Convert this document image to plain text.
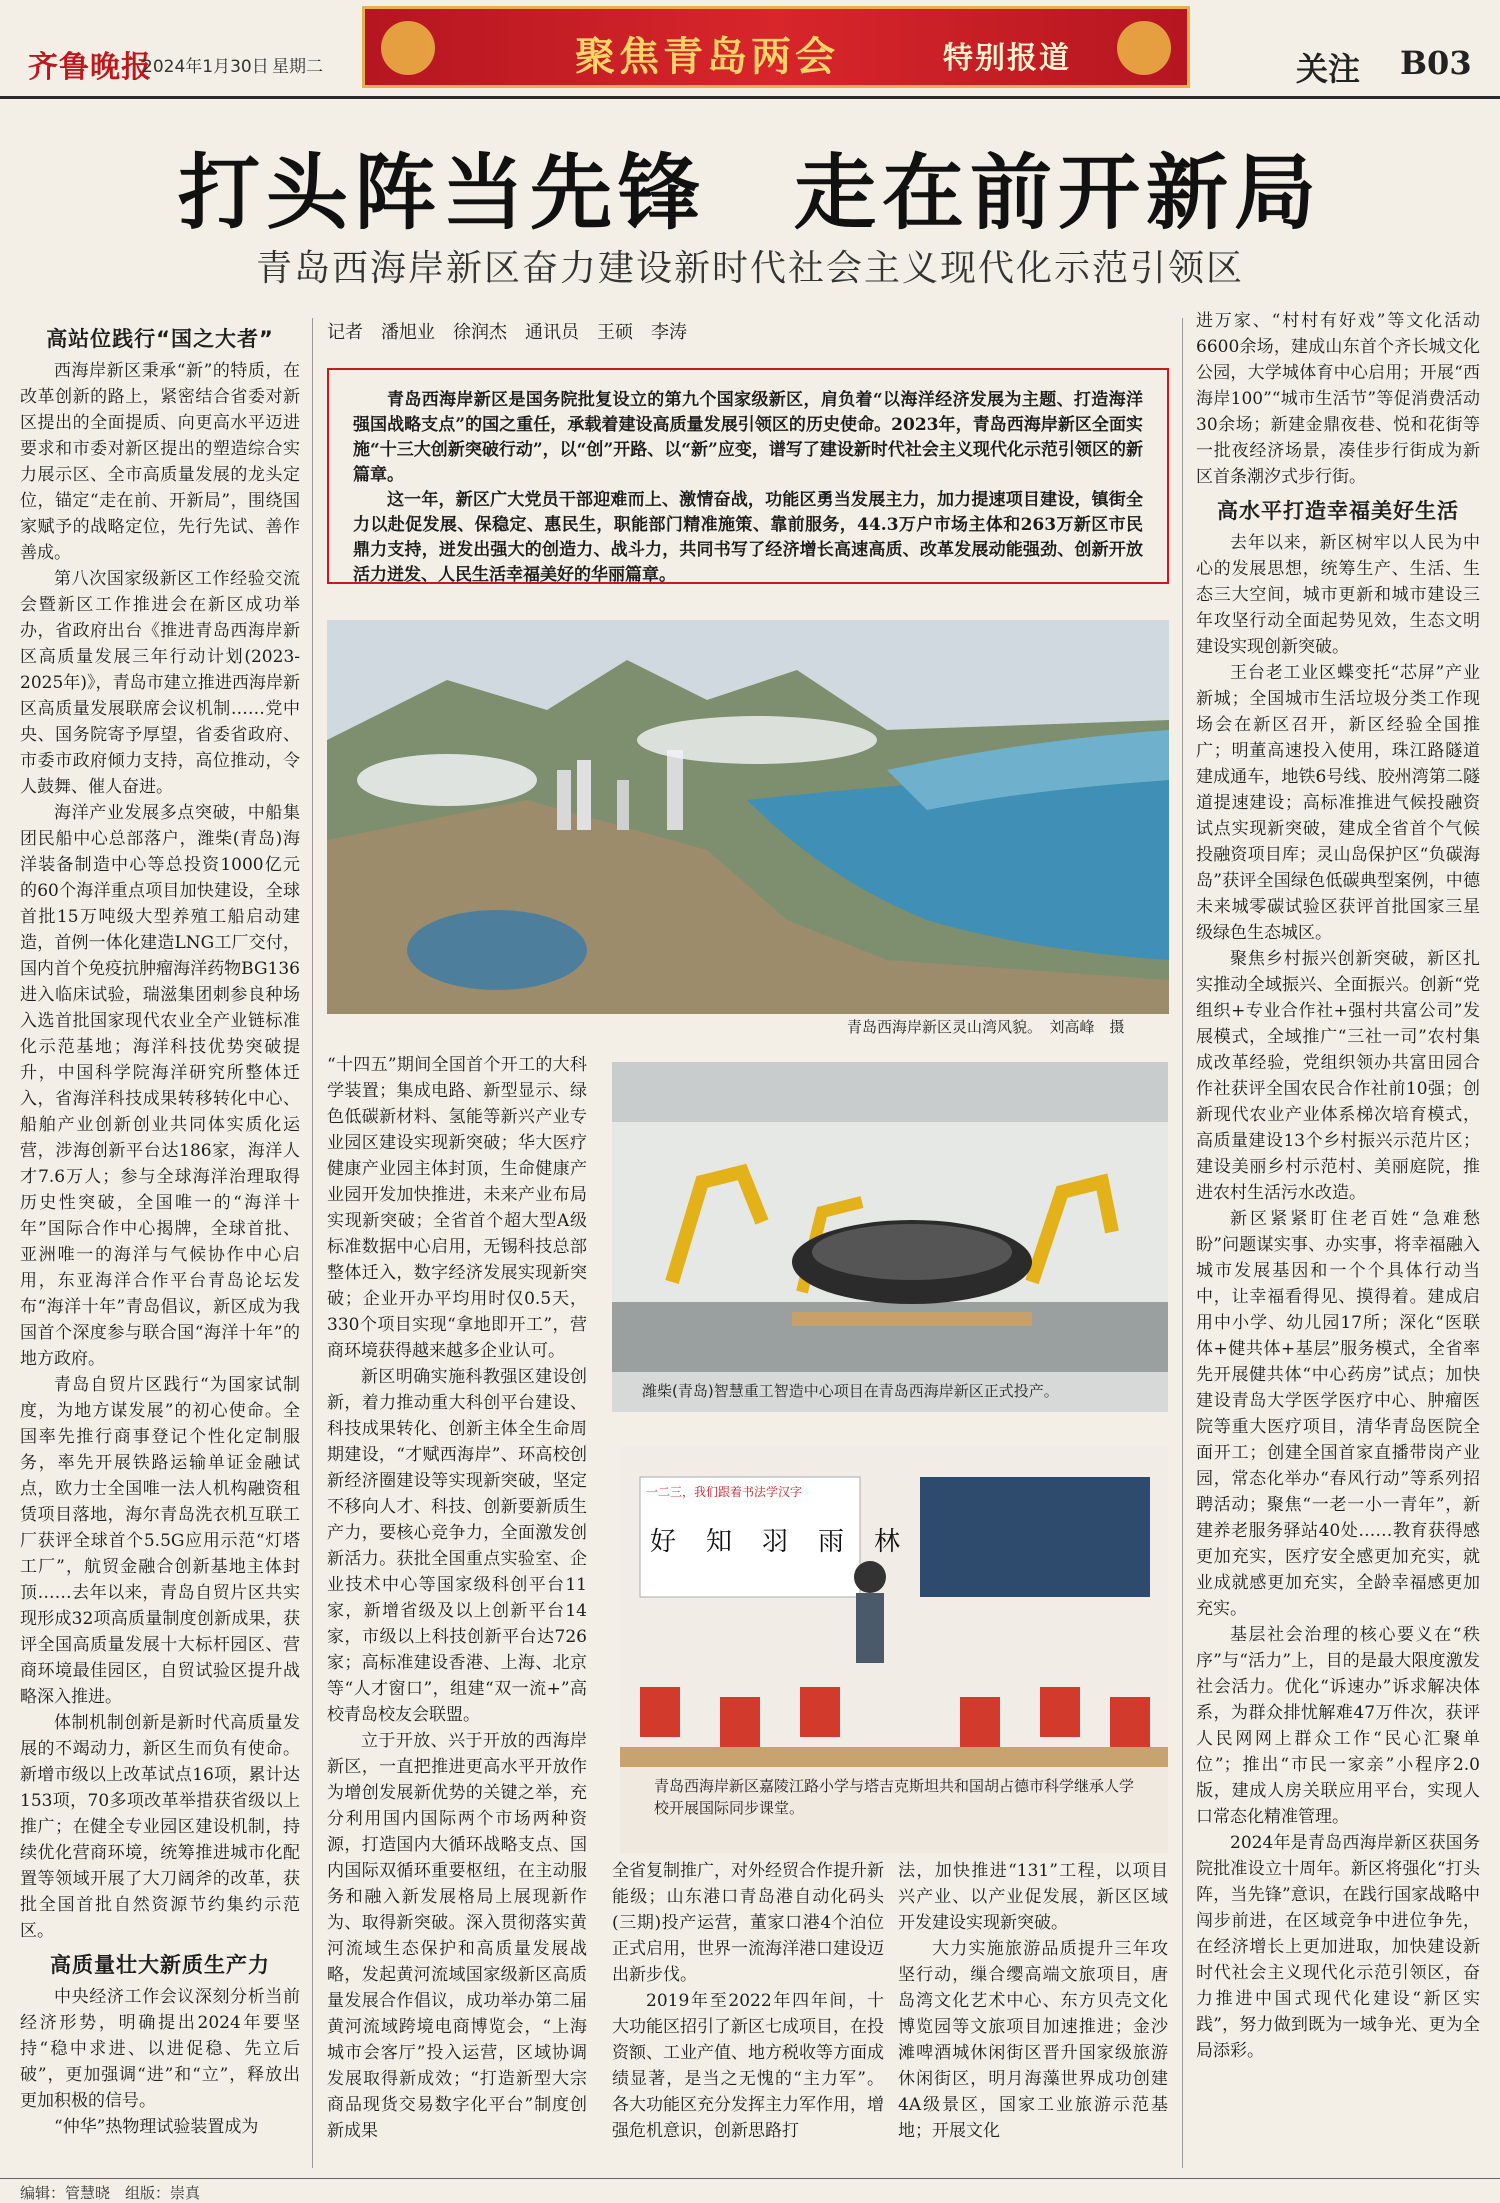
齐鲁晚报
2024年1月30日 星期二	聚焦青岛两会	特别报道	关注 B03
打头阵当先锋　走在前开新局
青岛西海岸新区奋力建设新时代社会主义现代化示范引领区
高站位践行“国之大者”

西海岸新区秉承“新”的特质，在改革创新的路上，紧密结合省委对新区提出的全面提质、向更高水平迈进要求和市委对新区提出的塑造综合实力展示区、全市高质量发展的龙头定位，锚定“走在前、开新局”，围绕国家赋予的战略定位，先行先试、善作善成。

第八次国家级新区工作经验交流会暨新区工作推进会在新区成功举办，省政府出台《推进青岛西海岸新区高质量发展三年行动计划(2023-2025年)》，青岛市建立推进西海岸新区高质量发展联席会议机制……党中央、国务院寄予厚望，省委省政府、市委市政府倾力支持，高位推动，令人鼓舞、催人奋进。

海洋产业发展多点突破，中船集团民船中心总部落户，潍柴(青岛)海洋装备制造中心等总投资1000亿元的60个海洋重点项目加快建设，全球首批15万吨级大型养殖工船启动建造，首例一体化建造LNG工厂交付，国内首个免疫抗肿瘤海洋药物BG136进入临床试验，瑞滋集团刺参良种场入选首批国家现代农业全产业链标准化示范基地；海洋科技优势突破提升，中国科学院海洋研究所整体迁入，省海洋科技成果转移转化中心、船舶产业创新创业共同体实质化运营，涉海创新平台达186家，海洋人才7.6万人；参与全球海洋治理取得历史性突破，全国唯一的“海洋十年”国际合作中心揭牌，全球首批、亚洲唯一的海洋与气候协作中心启用，东亚海洋合作平台青岛论坛发布“海洋十年”青岛倡议，新区成为我国首个深度参与联合国“海洋十年”的地方政府。

青岛自贸片区践行“为国家试制度，为地方谋发展”的初心使命。全国率先推行商事登记个性化定制服务，率先开展铁路运输单证金融试点，欧力士全国唯一法人机构融资租赁项目落地，海尔青岛洗衣机互联工厂获评全球首个5.5G应用示范“灯塔工厂”，航贸金融合创新基地主体封顶……去年以来，青岛自贸片区共实现形成32项高质量制度创新成果，获评全国高质量发展十大标杆园区、营商环境最佳园区，自贸试验区提升战略深入推进。

体制机制创新是新时代高质量发展的不竭动力，新区生而负有使命。新增市级以上改革试点16项，累计达153项，70多项改革举措获省级以上推广；在健全专业园区建设机制，持续优化营商环境，统筹推进城市化配置等领域开展了大刀阔斧的改革，获批全国首批自然资源节约集约示范区。

高质量壮大新质生产力

中央经济工作会议深刻分析当前经济形势，明确提出2024年要坚持“稳中求进、以进促稳、先立后破”，更加强调“进”和“立”，释放出更加积极的信号。

“仲华”热物理试验装置成为

记者　潘旭业　徐润杰　通讯员　王硕　李涛

青岛西海岸新区是国务院批复设立的第九个国家级新区，肩负着“以海洋经济发展为主题、打造海洋强国战略支点”的国之重任，承载着建设高质量发展引领区的历史使命。2023年，青岛西海岸新区全面实施“十三大创新突破行动”，以“创”开路、以“新”应变，谱写了建设新时代社会主义现代化示范引领区的新篇章。

这一年，新区广大党员干部迎难而上、激情奋战，功能区勇当发展主力，加力提速项目建设，镇街全力以赴促发展、保稳定、惠民生，职能部门精准施策、靠前服务，44.3万户市场主体和263万新区市民鼎力支持，迸发出强大的创造力、战斗力，共同书写了经济增长高速高质、改革发展动能强劲、创新开放活力迸发、人民生活幸福美好的华丽篇章。

青岛西海岸新区灵山湾风貌。　刘高峰　摄

“十四五”期间全国首个开工的大科学装置；集成电路、新型显示、绿色低碳新材料、氢能等新兴产业专业园区建设实现新突破；华大医疗健康产业园主体封顶，生命健康产业园开发加快推进，未来产业布局实现新突破；全省首个超大型A级标准数据中心启用，无锡科技总部整体迁入，数字经济发展实现新突破；企业开办平均用时仅0.5天，330个项目实现“拿地即开工”，营商环境获得越来越多企业认可。

新区明确实施科教强区建设创新，着力推动重大科创平台建设、科技成果转化、创新主体全生命周期建设，“才赋西海岸”、环高校创新经济圈建设等实现新突破，坚定不移向人才、科技、创新要新质生产力，要核心竞争力，全面激发创新活力。获批全国重点实验室、企业技术中心等国家级科创平台11家，新增省级及以上创新平台14家，市级以上科技创新平台达726家；高标准建设香港、上海、北京等“人才窗口”，组建“双一流+”高校青岛校友会联盟。

立于开放、兴于开放的西海岸新区，一直把推进更高水平开放作为增创发展新优势的关键之举，充分利用国内国际两个市场两种资源，打造国内大循环战略支点、国内国际双循环重要枢纽，在主动服务和融入新发展格局上展现新作为、取得新突破。深入贯彻落实黄河流域生态保护和高质量发展战略，发起黄河流域国家级新区高质量发展合作倡议，成功举办第二届黄河流域跨境电商博览会，“上海城市会客厅”投入运营，区域协调发展取得新成效；“打造新型大宗商品现货交易数字化平台”制度创新成果

潍柴(青岛)智慧重工智造中心项目在青岛西海岸新区正式投产。
一二三，我们跟着书法学汉字
好　知　羽　雨　林
青岛西海岸新区嘉陵江路小学与塔吉克斯坦共和国胡占德市科学继承人学校开展国际同步课堂。

全省复制推广，对外经贸合作提升新能级；山东港口青岛港自动化码头(三期)投产运营，董家口港4个泊位正式启用，世界一流海洋港口建设迈出新步伐。

2019年至2022年四年间，十大功能区招引了新区七成项目，在投资额、工业产值、地方税收等方面成绩显著，是当之无愧的“主力军”。各大功能区充分发挥主力军作用，增强危机意识，创新思路打

法，加快推进“131”工程，以项目兴产业、以产业促发展，新区区域开发建设实现新突破。

大力实施旅游品质提升三年攻坚行动，缫合缨高端文旅项目，唐岛湾文化艺术中心、东方贝壳文化博览园等文旅项目加速推进；金沙滩啤酒城休闲街区晋升国家级旅游休闲街区，明月海藻世界成功创建4A级景区，国家工业旅游示范基地；开展文化

进万家、“村村有好戏”等文化活动6600余场，建成山东首个齐长城文化公园，大学城体育中心启用；开展“西海岸100”“城市生活节”等促消费活动30余场；新建金鼎夜巷、悦和花街等一批夜经济场景，凑佳步行街成为新区首条潮汐式步行街。

高水平打造幸福美好生活

去年以来，新区树牢以人民为中心的发展思想，统筹生产、生活、生态三大空间，城市更新和城市建设三年攻坚行动全面起势见效，生态文明建设实现创新突破。

王台老工业区蝶变托“芯屏”产业新城；全国城市生活垃圾分类工作现场会在新区召开，新区经验全国推广；明董高速投入使用，珠江路隧道建成通车，地铁6号线、胶州湾第二隧道提速建设；高标准推进气候投融资试点实现新突破，建成全省首个气候投融资项目库；灵山岛保护区“负碳海岛”获评全国绿色低碳典型案例，中德未来城零碳试验区获评首批国家三星级绿色生态城区。

聚焦乡村振兴创新突破，新区扎实推动全域振兴、全面振兴。创新“党组织+专业合作社+强村共富公司”发展模式，全域推广“三社一司”农村集成改革经验，党组织领办共富田园合作社获评全国农民合作社前10强；创新现代农业产业体系梯次培育模式，高质量建设13个乡村振兴示范片区；建设美丽乡村示范村、美丽庭院，推进农村生活污水改造。

新区紧紧盯住老百姓“急难愁盼”问题谋实事、办实事，将幸福融入城市发展基因和一个个具体行动当中，让幸福看得见、摸得着。建成启用中小学、幼儿园17所；深化“医联体+健共体+基层”服务模式，全省率先开展健共体“中心药房”试点；加快建设青岛大学医学医疗中心、肿瘤医院等重大医疗项目，清华青岛医院全面开工；创建全国首家直播带岗产业园，常态化举办“春风行动”等系列招聘活动；聚焦“一老一小一青年”，新建养老服务驿站40处……教育获得感更加充实，医疗安全感更加充实，就业成就感更加充实，全龄幸福感更加充实。

基层社会治理的核心要义在“秩序”与“活力”上，目的是最大限度激发社会活力。优化“诉速办”诉求解决体系，为群众排忧解难47万件次，获评人民网网上群众工作“民心汇聚单位”；推出“市民一家亲”小程序2.0版，建成人房关联应用平台，实现人口常态化精准管理。

2024年是青岛西海岸新区获国务院批准设立十周年。新区将强化“打头阵，当先锋”意识，在践行国家战略中闯步前进，在区域竞争中进位争先，在经济增长上更加进取，加快建设新时代社会主义现代化示范引领区，奋力推进中国式现代化建设“新区实践”，努力做到既为一域争光、更为全局添彩。

编辑：管慧晓　组版：崇真
